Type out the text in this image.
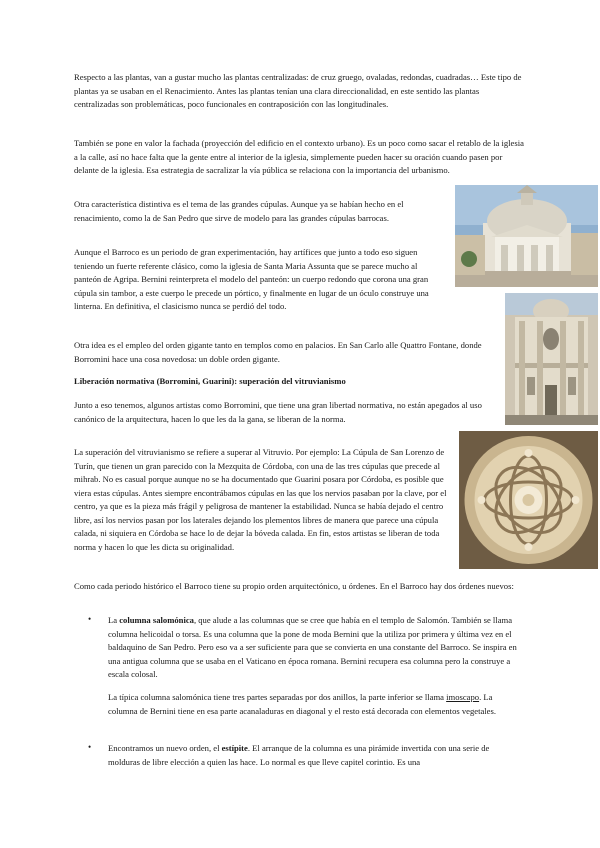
Respecto a las plantas, van a gustar mucho las plantas centralizadas: de cruz gruego, ovaladas, redondas, cuadradas… Este tipo de plantas ya se usaban en el Renacimiento. Antes las plantas tenían una clara direccionalidad, en este sentido las plantas centralizadas son problemáticas, poco funcionales en contraposición con las longitudinales.

También se pone en valor la fachada (proyección del edificio en el contexto urbano). Es un poco como sacar el retablo de la iglesia a la calle, así no hace falta que la gente entre al interior de la iglesia, simplemente pueden hacer su oración cuando pasen por delante de la iglesia. Esa estrategia de sacralizar la vía pública se relaciona con la importancia del urbanismo.

Otra característica distintiva es el tema de las grandes cúpulas. Aunque ya se habían hecho en el renacimiento, como la de San Pedro que sirve de modelo para las grandes cúpulas barrocas.

Aunque el Barroco es un periodo de gran experimentación, hay artífices que junto a todo eso siguen teniendo un fuerte referente clásico, como la iglesia de Santa Maria Assunta que se parece mucho al panteón de Agripa. Bernini reinterpreta el modelo del panteón: un cuerpo redondo que corona una gran cúpula sin tambor, a este cuerpo le precede un pórtico, y finalmente en lugar de un óculo construye una linterna. En definitiva, el clasicismo nunca se perdió del todo.

Otra idea es el empleo del orden gigante tanto en templos como en palacios. En San Carlo alle Quattro Fontane, donde Borromini hace una cosa novedosa: un doble orden gigante.

Liberación normativa (Borromini, Guarini): superación del vitruvianismo

Junto a eso tenemos, algunos artistas como Borromini, que tiene una gran libertad normativa, no están apegados al uso canónico de la arquitectura, hacen lo que les da la gana, se liberan de la norma.

La superación del vitruvianismo se refiere a superar al Vitruvio. Por ejemplo: La Cúpula de San Lorenzo de Turín, que tienen un gran parecido con la Mezquita de Córdoba, con una de las tres cúpulas que precede al mihrab. No es casual porque aunque no se ha documentado que Guarini posara por Córdoba, es posible que viera estas cúpulas. Antes siempre encontrábamos cúpulas en las que los nervios pasaban por la clave, por el centro, ya que es la pieza más frágil y peligrosa de mantener la estabilidad. Nunca se había dejado el centro libre, así los nervios pasan por los laterales dejando los plementos libres de manera que parece una cúpula calada, ni siquiera en Córdoba se hace lo de dejar la bóveda calada. En fin, estos artistas se liberan de toda norma y hacen lo que les dicta su originalidad.

Como cada periodo histórico el Barroco tiene su propio orden arquitectónico, u órdenes. En el Barroco hay dos órdenes nuevos:

• La columna salomónica, que alude a las columnas que se cree que había en el templo de Salomón. También se llama columna helicoidal o torsa. Es una columna que la pone de moda Bernini que la utiliza por primera y última vez en el baldaquino de San Pedro. Pero eso va a ser suficiente para que se convierta en una constante del Barroco. Se inspira en una antigua columna que se usaba en el Vaticano en época romana. Bernini recupera esa columna pero la construye a escala colosal.

La típica columna salomónica tiene tres partes separadas por dos anillos, la parte inferior se llama imoscapo. La columna de Bernini tiene en esa parte acanaladuras en diagonal y el resto está decorada con elementos vegetales.

• Encontramos un nuevo orden, el estípite. El arranque de la columna es una pirámide invertida con una serie de molduras de libre elección a quien las hace. Lo normal es que lleve capitel corintio. Es una
